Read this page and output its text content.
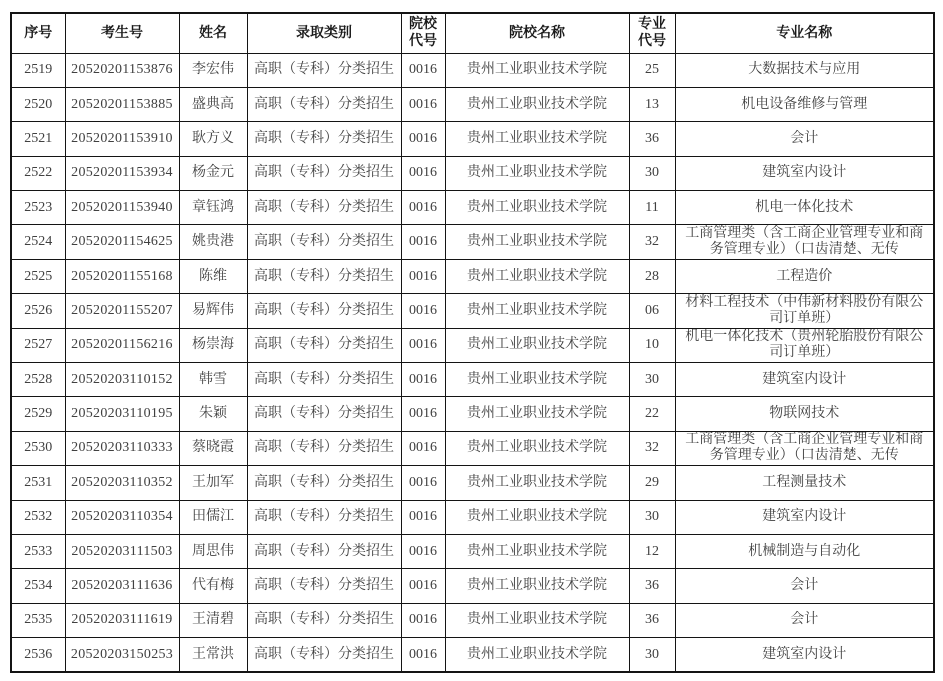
序号	考生号	姓名	录取类别	院校代号	院校名称	专业代号	专业名称
2519	20520201153876	李宏伟	高职（专科）分类招生	0016	贵州工业职业技术学院	25	大数据技术与应用
2520	20520201153885	盛典高	高职（专科）分类招生	0016	贵州工业职业技术学院	13	机电设备维修与管理
2521	20520201153910	耿方义	高职（专科）分类招生	0016	贵州工业职业技术学院	36	会计
2522	20520201153934	杨金元	高职（专科）分类招生	0016	贵州工业职业技术学院	30	建筑室内设计
2523	20520201153940	章钰鸿	高职（专科）分类招生	0016	贵州工业职业技术学院	11	机电一体化技术
2524	20520201154625	姚贵港	高职（专科）分类招生	0016	贵州工业职业技术学院	32	工商管理类（含工商企业管理专业和商务管理专业）（口齿清楚、无传
2525	20520201155168	陈维	高职（专科）分类招生	0016	贵州工业职业技术学院	28	工程造价
2526	20520201155207	易辉伟	高职（专科）分类招生	0016	贵州工业职业技术学院	06	材料工程技术（中伟新材料股份有限公司订单班）
2527	20520201156216	杨崇海	高职（专科）分类招生	0016	贵州工业职业技术学院	10	机电一体化技术（贵州轮胎股份有限公司订单班）
2528	20520203110152	韩雪	高职（专科）分类招生	0016	贵州工业职业技术学院	30	建筑室内设计
2529	20520203110195	朱颖	高职（专科）分类招生	0016	贵州工业职业技术学院	22	物联网技术
2530	20520203110333	蔡晓霞	高职（专科）分类招生	0016	贵州工业职业技术学院	32	工商管理类（含工商企业管理专业和商务管理专业）（口齿清楚、无传
2531	20520203110352	王加军	高职（专科）分类招生	0016	贵州工业职业技术学院	29	工程测量技术
2532	20520203110354	田儒江	高职（专科）分类招生	0016	贵州工业职业技术学院	30	建筑室内设计
2533	20520203111503	周思伟	高职（专科）分类招生	0016	贵州工业职业技术学院	12	机械制造与自动化
2534	20520203111636	代有梅	高职（专科）分类招生	0016	贵州工业职业技术学院	36	会计
2535	20520203111619	王清碧	高职（专科）分类招生	0016	贵州工业职业技术学院	36	会计
2536	20520203150253	王常洪	高职（专科）分类招生	0016	贵州工业职业技术学院	30	建筑室内设计
